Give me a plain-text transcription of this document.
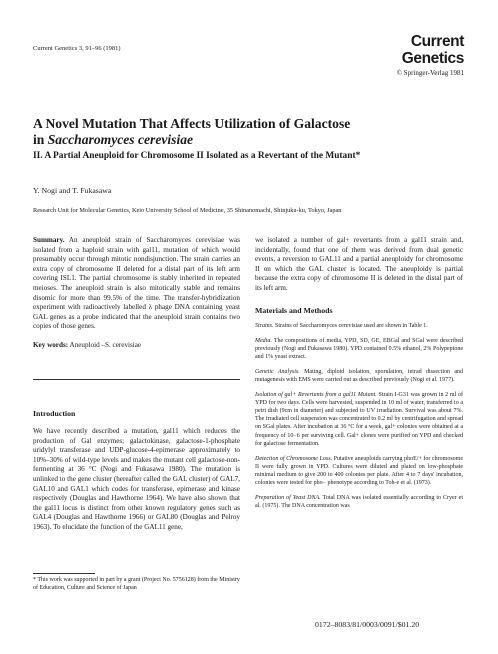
Current Genetics 3, 91–96 (1981)	Current Genetics
© Springer-Verlag 1981
A Novel Mutation That Affects Utilization of Galactose
in Saccharomyces cerevisiae
II. A Partial Aneuploid for Chromosome II Isolated as a Revertant of the Mutant*
Y. Nogi and T. Fukasawa
Research Unit for Molecular Genetics, Keio University School of Medicine, 35 Shinanomachi, Shinjuku-ku, Tokyo, Japan

Summary. An aneuploid strain of Saccharomyces cerevisiae was isolated from a haploid strain with gal11, mutation of which would presumably occur through mitotic nondisjunction. The strain carries an extra copy of chromosome II deleted for a distal part of its left arm covering ISL1. The partial chromosome is stably inherited in repeated meioses. The aneuploid strain is also mitotically stable and remains disomic for more than 99.5% of the time. The transfer-hybridization experiment with radioactively labelled λ phage DNA containing yeast GAL genes as a probe indicated that the aneuploid strain contains two copies of those genes.

Key words: Aneuploid –S. cerevisiae

Introduction
We have recently described a mutation, gal11 which reduces the production of Gal enzymes; galactokinase, galactose-1-phosphate uridylyl transferase and UDP-glucose-4-epimerase approximately to 10%–30% of wild-type levels and makes the mutant cell galactose-non-fermenting at 36 °C (Nogi and Fukasawa 1980). The mutation is unlinked to the gene cluster (hereafter called the GAL cluster) of GAL7, GAL10 and GAL1 which codes for transferase, epimerase and kinase respectively (Douglas and Hawthorne 1964). We have also shown that the gal11 locus is distinct from other known regulatory genes such as GAL4 (Douglas and Hawthorne 1966) or GAL80 (Douglas and Pelroy 1963). To elucidate the function of the GAL11 gene,
* This work was supported in part by a grant (Project No. 5756128) from the Ministry of Education, Culture and Science of Japan
we isolated a number of gal+ revertants from a gal11 strain and, incidentally, found that one of them was derived from dual genetic events, a reversion to GAL11 and a partial aneuploidy for chromosome II on which the GAL cluster is located. The aneuploidy is partial because the extra copy of chromosome II is deleted in the distal part of its left arm.
Materials and Methods

Strains. Strains of Saccharomyces cerevisiae used are shown in Table 1.

Media. The compositions of media, YPD, SD, GE, EBGal and SGal were described previously (Nogi and Fukasawa 1980). YPD contained 0.5% ethanol, 2% Polypeptone and 1% yeast extract.

Genetic Analysis. Mating, diploid isolation, sporulation, tetrad dissection and mutagenesis with EMS were carried out as described previously (Nogi et al. 1977).

Isolation of gal+ Revertants from a gal11 Mutant. Strain I-G31 was grown in 2 ml of YPD for two days. Cells were harvested, suspended in 10 ml of water, transferred to a petri dish (9cm in diameter) and subjected to UV irradiation. Survival was about 7%. The irradiated cell suspension was concentrated to 0.2 ml by centrifugation and spread on SGal plates. After incubation at 36 °C for a week, gal+ colonies were obtained at a frequency of 10−6 per surviving cell. Gal+ clones were purified on YPD and checked for galactose fermentation.

Detection of Chromosome Loss. Putative aneuploids carrying phoE/+ for chromosome II were fully grown in YPD. Cultures were diluted and plated on low-phosphate minimal medium to give 200 to 400 colonies per plate. After 4 to 7 days' incubation, colonies were tested for pho− phenotype according to Toh-e et al. (1973).

Preparation of Yeast DNA. Total DNA was isolated essentially according to Cryer et al. (1975). The DNA concentration was

0172–8083/81/0003/0091/$01.20
